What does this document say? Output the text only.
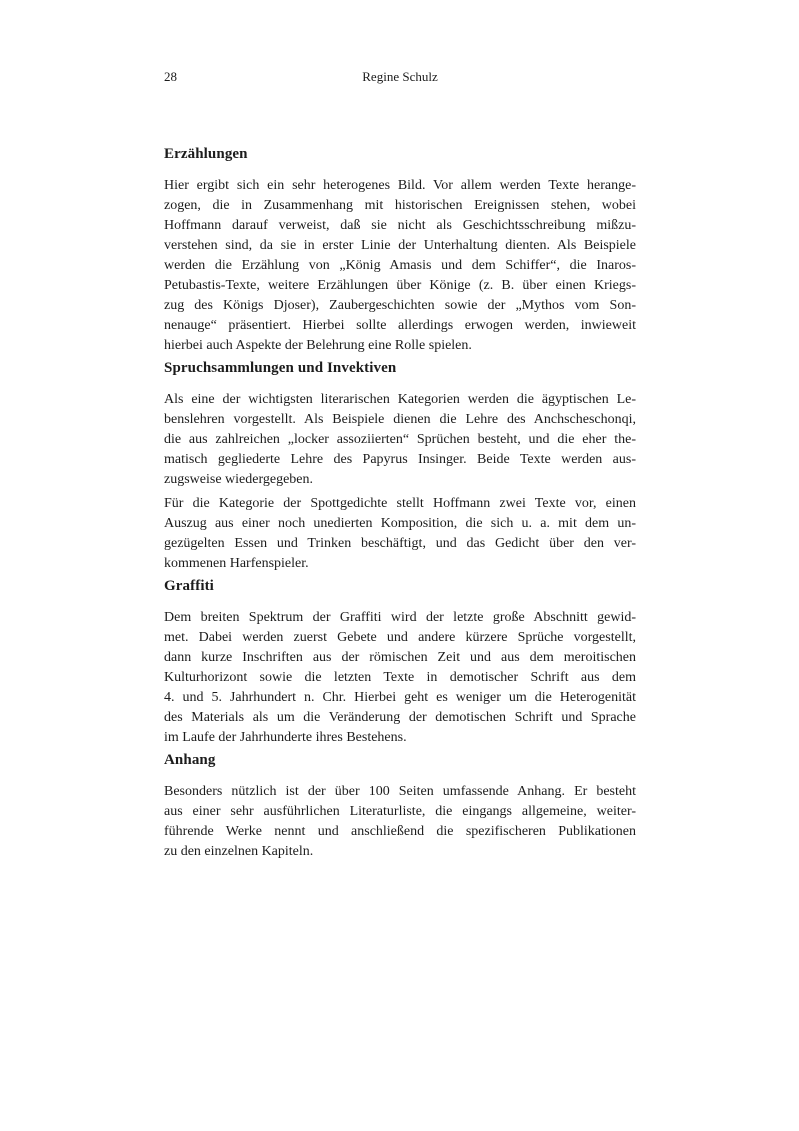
28	Regine Schulz
Erzählungen
Hier ergibt sich ein sehr heterogenes Bild. Vor allem werden Texte herange-
zogen, die in Zusammenhang mit historischen Ereignissen stehen, wobei
Hoffmann darauf verweist, daß sie nicht als Geschichtsschreibung mißzu-
verstehen sind, da sie in erster Linie der Unterhaltung dienten. Als Beispiele
werden die Erzählung von „König Amasis und dem Schiffer“, die Inaros-
Petubastis-Texte, weitere Erzählungen über Könige (z. B. über einen Kriegs-
zug des Königs Djoser), Zaubergeschichten sowie der „Mythos vom Son-
nenauge“ präsentiert. Hierbei sollte allerdings erwogen werden, inwieweit
hierbei auch Aspekte der Belehrung eine Rolle spielen.
Spruchsammlungen und Invektiven
Als eine der wichtigsten literarischen Kategorien werden die ägyptischen Le-
benslehren vorgestellt. Als Beispiele dienen die Lehre des Anchscheschonqi,
die aus zahlreichen „locker assoziierten“ Sprüchen besteht, und die eher the-
matisch gegliederte Lehre des Papyrus Insinger. Beide Texte werden aus-
zugsweise wiedergegeben.
Für die Kategorie der Spottgedichte stellt Hoffmann zwei Texte vor, einen
Auszug aus einer noch unedierten Komposition, die sich u. a. mit dem un-
gezügelten Essen und Trinken beschäftigt, und das Gedicht über den ver-
kommenen Harfenspieler.
Graffiti
Dem breiten Spektrum der Graffiti wird der letzte große Abschnitt gewid-
met. Dabei werden zuerst Gebete und andere kürzere Sprüche vorgestellt,
dann kurze Inschriften aus der römischen Zeit und aus dem meroitischen
Kulturhorizont sowie die letzten Texte in demotischer Schrift aus dem
4. und 5. Jahrhundert n. Chr. Hierbei geht es weniger um die Heterogenität
des Materials als um die Veränderung der demotischen Schrift und Sprache
im Laufe der Jahrhunderte ihres Bestehens.
Anhang
Besonders nützlich ist der über 100 Seiten umfassende Anhang. Er besteht
aus einer sehr ausführlichen Literaturliste, die eingangs allgemeine, weiter-
führende Werke nennt und anschließend die spezifischeren Publikationen
zu den einzelnen Kapiteln.
